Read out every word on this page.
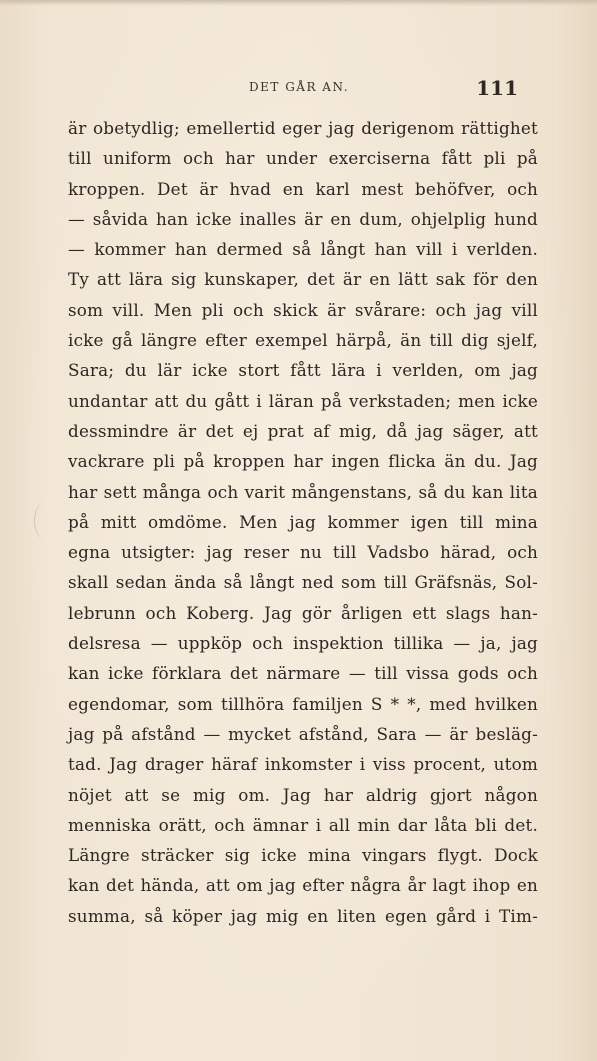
DET GÅR AN.	111
är obetydlig; emellertid eger jag derigenom rättighet
till uniform och har under exerciserna fått pli på
kroppen. Det är hvad en karl mest behöfver, och
— såvida han icke inalles är en dum, ohjelplig hund
— kommer han dermed så långt han vill i verlden.
Ty att lära sig kunskaper, det är en lätt sak för den
som vill. Men pli och skick är svårare: och jag vill
icke gå längre efter exempel härpå, än till dig sjelf,
Sara; du lär icke stort fått lära i verlden, om jag
undantar att du gått i läran på verkstaden; men icke
dessmindre är det ej prat af mig, då jag säger, att
vackrare pli på kroppen har ingen flicka än du. Jag
har sett många och varit mångenstans, så du kan lita
på mitt omdöme. Men jag kommer igen till mina
egna utsigter: jag reser nu till Vadsbo härad, och
skall sedan ända så långt ned som till Gräfsnäs, Sol-
lebrunn och Koberg. Jag gör årligen ett slags han-
delsresa — uppköp och inspektion tillika — ja, jag
kan icke förklara det närmare — till vissa gods och
egendomar, som tillhöra familjen S * *, med hvilken
jag på afstånd — mycket afstånd, Sara — är besläg-
tad. Jag drager häraf inkomster i viss procent, utom
nöjet att se mig om. Jag har aldrig gjort någon
menniska orätt, och ämnar i all min dar låta bli det.
Längre sträcker sig icke mina vingars flygt. Dock
kan det hända, att om jag efter några år lagt ihop en
summa, så köper jag mig en liten egen gård i Tim-
